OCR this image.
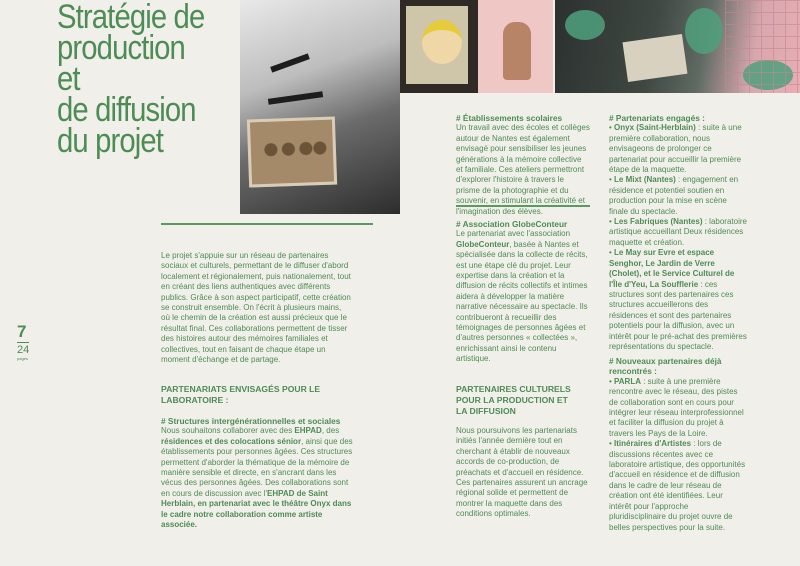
Stratégie de
production et
de diffusion
du projet
7
24
pages

Le projet s'appuie sur un réseau de partenaires sociaux et culturels, permettant de le diffuser d'abord localement et régionalement, puis nationalement, tout en créant des liens authentiques avec différents publics. Grâce à son aspect participatif, cette création se construit ensemble. On l'écrit à plusieurs mains, où le chemin de la création est aussi précieux que le résultat final. Ces collaborations permettent de tisser des histoires autour des mémoires familiales et collectives, tout en faisant de chaque étape un moment d'échange et de partage.

PARTENARIATS ENVISAGÉS POUR LE LABORATOIRE :

# Structures intergénérationnelles et sociales
Nous souhaitons collaborer avec des EHPAD, des résidences et des colocations sénior, ainsi que des établissements pour personnes âgées. Ces structures permettent d'aborder la thématique de la mémoire de manière sensible et directe, en s'ancrant dans les vécus des personnes âgées. Des collaborations sont en cours de discussion avec l'EHPAD de Saint Herblain, en partenariat avec le théâtre Onyx dans le cadre notre collaboration comme artiste associée.
# Établissements scolaires
Un travail avec des écoles et collèges autour de Nantes est également envisagé pour sensibiliser les jeunes générations à la mémoire collective et familiale. Ces ateliers permettront d'explorer l'histoire à travers le prisme de la photographie et du souvenir, en stimulant la créativité et l'imagination des élèves.
# Association GlobeConteur
Le partenariat avec l'association GlobeConteur, basée à Nantes et spécialisée dans la collecte de récits, est une étape clé du projet. Leur expertise dans la création et la diffusion de récits collectifs et intimes aidera à développer la matière narrative nécessaire au spectacle. Ils contribueront à recueillir des témoignages de personnes âgées et d'autres personnes « collectées », enrichissant ainsi le contenu artistique.

PARTENAIRES CULTURELS POUR LA PRODUCTION ET LA DIFFUSION

Nous poursuivons les partenariats initiés l'année dernière tout en cherchant à établir de nouveaux accords de co-production, de préachats et d'accueil en résidence. Ces partenaires assurent un ancrage régional solide et permettent de montrer la maquette dans des conditions optimales.

# Partenariats engagés :
• Onyx (Saint-Herblain) : suite à une première collaboration, nous envisageons de prolonger ce partenariat pour accueillir la première étape de la maquette.
• Le Mixt (Nantes) : engagement en résidence et potentiel soutien en production pour la mise en scène finale du spectacle.
• Les Fabriques (Nantes) : laboratoire artistique accueillant Deux résidences maquette et création.
• Le May sur Evre et espace Senghor, Le Jardin de Verre (Cholet), et le Service Culturel de l'Île d'Yeu, La Soufflerie : ces structures sont des partenaires ces structures accueillerons des résidences et sont des partenaires potentiels pour la diffusion, avec un intérêt pour le pré-achat des premières représentations du spectacle.
# Nouveaux partenaires déjà rencontrés :
• PARLA : suite à une première rencontre avec le réseau, des pistes de collaboration sont en cours pour intégrer leur réseau interprofessionnel et faciliter la diffusion du projet à travers les Pays de la Loire.
• Itinéraires d'Artistes : lors de discussions récentes avec ce laboratoire artistique, des opportunités d'accueil en résidence et de diffusion dans le cadre de leur réseau de création ont été identifiées. Leur intérêt pour l'approche pluridisciplinaire du projet ouvre de belles perspectives pour la suite.
